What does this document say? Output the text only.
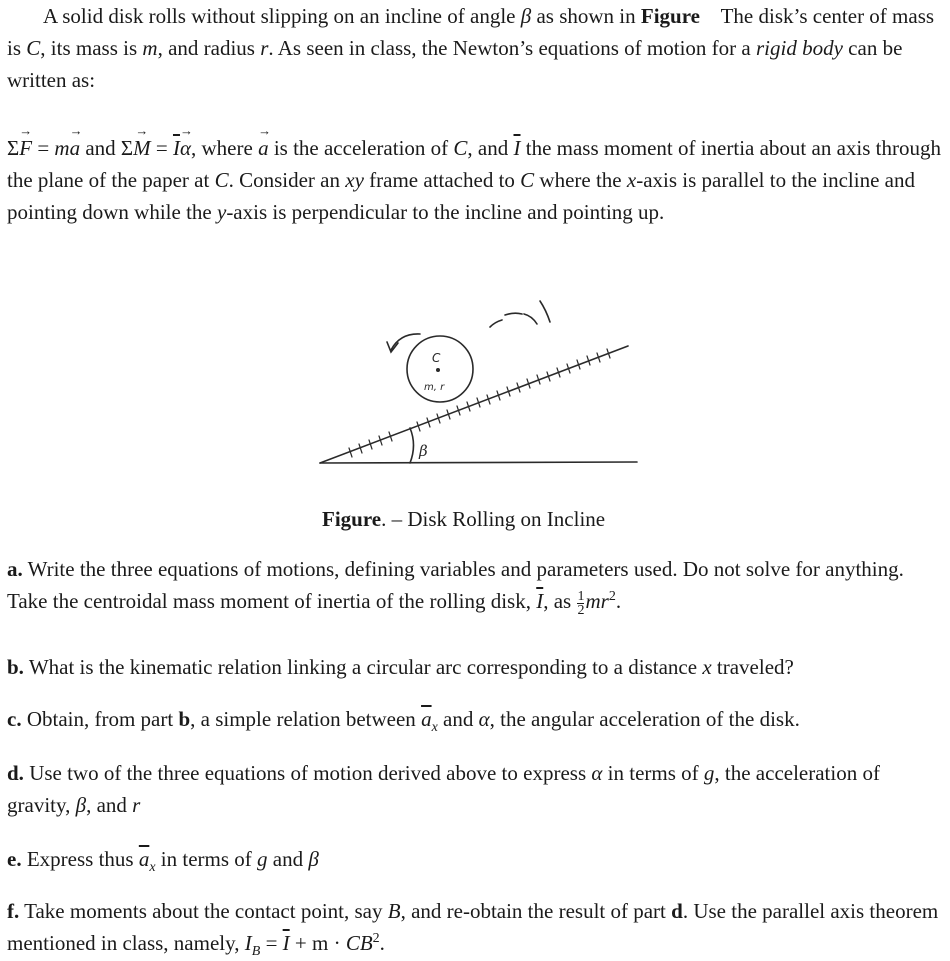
A solid disk rolls without slipping on an incline of angle β as shown in Figure The disk’s center of mass is C, its mass is m, and radius r. As seen in class, the Newton’s equations of motion for a rigid body can be written as:

Σ→ F = m→ a and $\Sigma\to M = \overline{I}\to \alpha$, where → a is the acceleration of C, and $\overline{I}$ the mass moment of inertia about an axis through the plane of the paper at C. Consider an xy frame attached to C where the x-axis is parallel to the incline and pointing down while the y-axis is perpendicular to the incline and pointing up.

C
m, r
β
Figure. – Disk Rolling on Incline

a. Write the three equations of motions, defining variables and parameters used. Do not solve for anything. Take the centroidal mass moment of inertia of the rolling disk, $\overline{I}$, as $\frac{1}{2} mr^2$.

b. What is the kinematic relation linking a circular arc corresponding to a distance x traveled?

c. Obtain, from part b, a simple relation between $\overline{a}_x$ and α, the angular acceleration of the disk.

d. Use two of the three equations of motion derived above to express α in terms of g, the acceleration of gravity, β, and r

e. Express thus $\overline{a}_x$ in terms of g and β

f. Take moments about the contact point, say B, and re-obtain the result of part d. Use the parallel axis theorem mentioned in class, namely, $I_B = \overline{I} + m \cdot CB^2$.
